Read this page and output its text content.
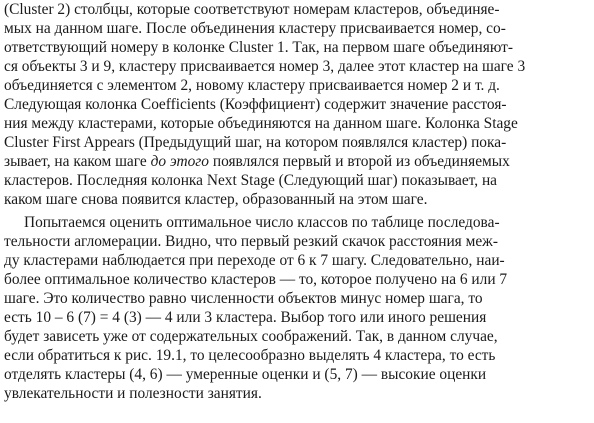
(Cluster 2) столбцы, которые соответствуют номерам кластеров, объединяе-
мых на данном шаге. После объединения кластеру присваивается номер, со-
ответствующий номеру в колонке Cluster 1. Так, на первом шаге объединяют-
ся объекты 3 и 9, кластеру присваивается номер 3, далее этот кластер на шаге 3
объединяется с элементом 2, новому кластеру присваивается номер 2 и т. д.
Следующая колонка Coefficients (Коэффициент) содержит значение расстоя-
ния между кластерами, которые объединяются на данном шаге. Колонка Stage
Cluster First Appears (Предыдущий шаг, на котором появлялся кластер) пока-
зывает, на каком шаге до этого появлялся первый и второй из объединяемых
кластеров. Последняя колонка Next Stage (Следующий шаг) показывает, на
каком шаге снова появится кластер, образованный на этом шаге.
Попытаемся оценить оптимальное число классов по таблице последова-
тельности агломерации. Видно, что первый резкий скачок расстояния меж-
ду кластерами наблюдается при переходе от 6 к 7 шагу. Следовательно, наи-
более оптимальное количество кластеров — то, которое получено на 6 или 7
шаге. Это количество равно численности объектов минус номер шага, то
есть 10 – 6 (7) = 4 (3) — 4 или 3 кластера. Выбор того или иного решения
будет зависеть уже от содержательных соображений. Так, в данном случае,
если обратиться к рис. 19.1, то целесообразно выделять 4 кластера, то есть
отделять кластеры (4, 6) — умеренные оценки и (5, 7) — высокие оценки
увлекательности и полезности занятия.
